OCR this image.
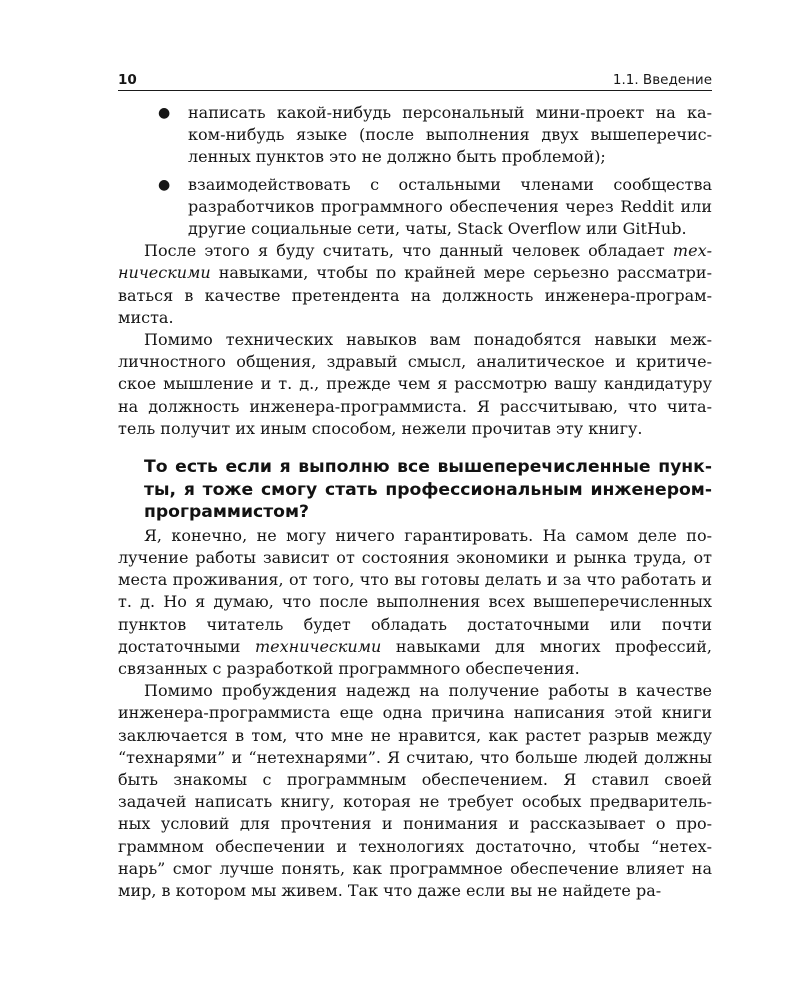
10	1.1. Введение
● написать какой-нибудь персональный мини-проект на каком-нибудь языке (после выполнения двух вышеперечисленных пунктов это не должно быть проблемой);
● взаимодействовать с остальными членами сообщества разработчиков программного обеспечения через Reddit или другие социальные сети, чаты, Stack Overflow или GitHub.

После этого я буду считать, что данный человек обладает техническими навыками, чтобы по крайней мере серьезно рассматриваться в качестве претендента на должность инженера-программиста.

Помимо технических навыков вам понадобятся навыки межличностного общения, здравый смысл, аналитическое и критическое мышление и т. д., прежде чем я рассмотрю вашу кандидатуру на должность инженера-программиста. Я рассчитываю, что читатель получит их иным способом, нежели прочитав эту книгу.

То есть если я выполню все вышеперечисленные пункты, я тоже смогу стать профессиональным инженером-программистом?

Я, конечно, не могу ничего гарантировать. На самом деле получение работы зависит от состояния экономики и рынка труда, от места проживания, от того, что вы готовы делать и за что работать и т. д. Но я думаю, что после выполнения всех вышеперечисленных пунктов читатель будет обладать достаточными или почти достаточными техническими навыками для многих профессий, связанных с разработкой программного обеспечения.

Помимо пробуждения надежд на получение работы в качестве инженера-программиста еще одна причина написания этой книги заключается в том, что мне не нравится, как растет разрыв между “технарями” и “нетехнарями”. Я считаю, что больше людей должны быть знакомы с программным обеспечением. Я ставил своей задачей написать книгу, которая не требует особых предварительных условий для прочтения и понимания и рассказывает о программном обеспечении и технологиях достаточно, чтобы “нетехнарь” смог лучше понять, как программное обеспечение влияет на мир, в котором мы живем. Так что даже если вы не найдете ра-
